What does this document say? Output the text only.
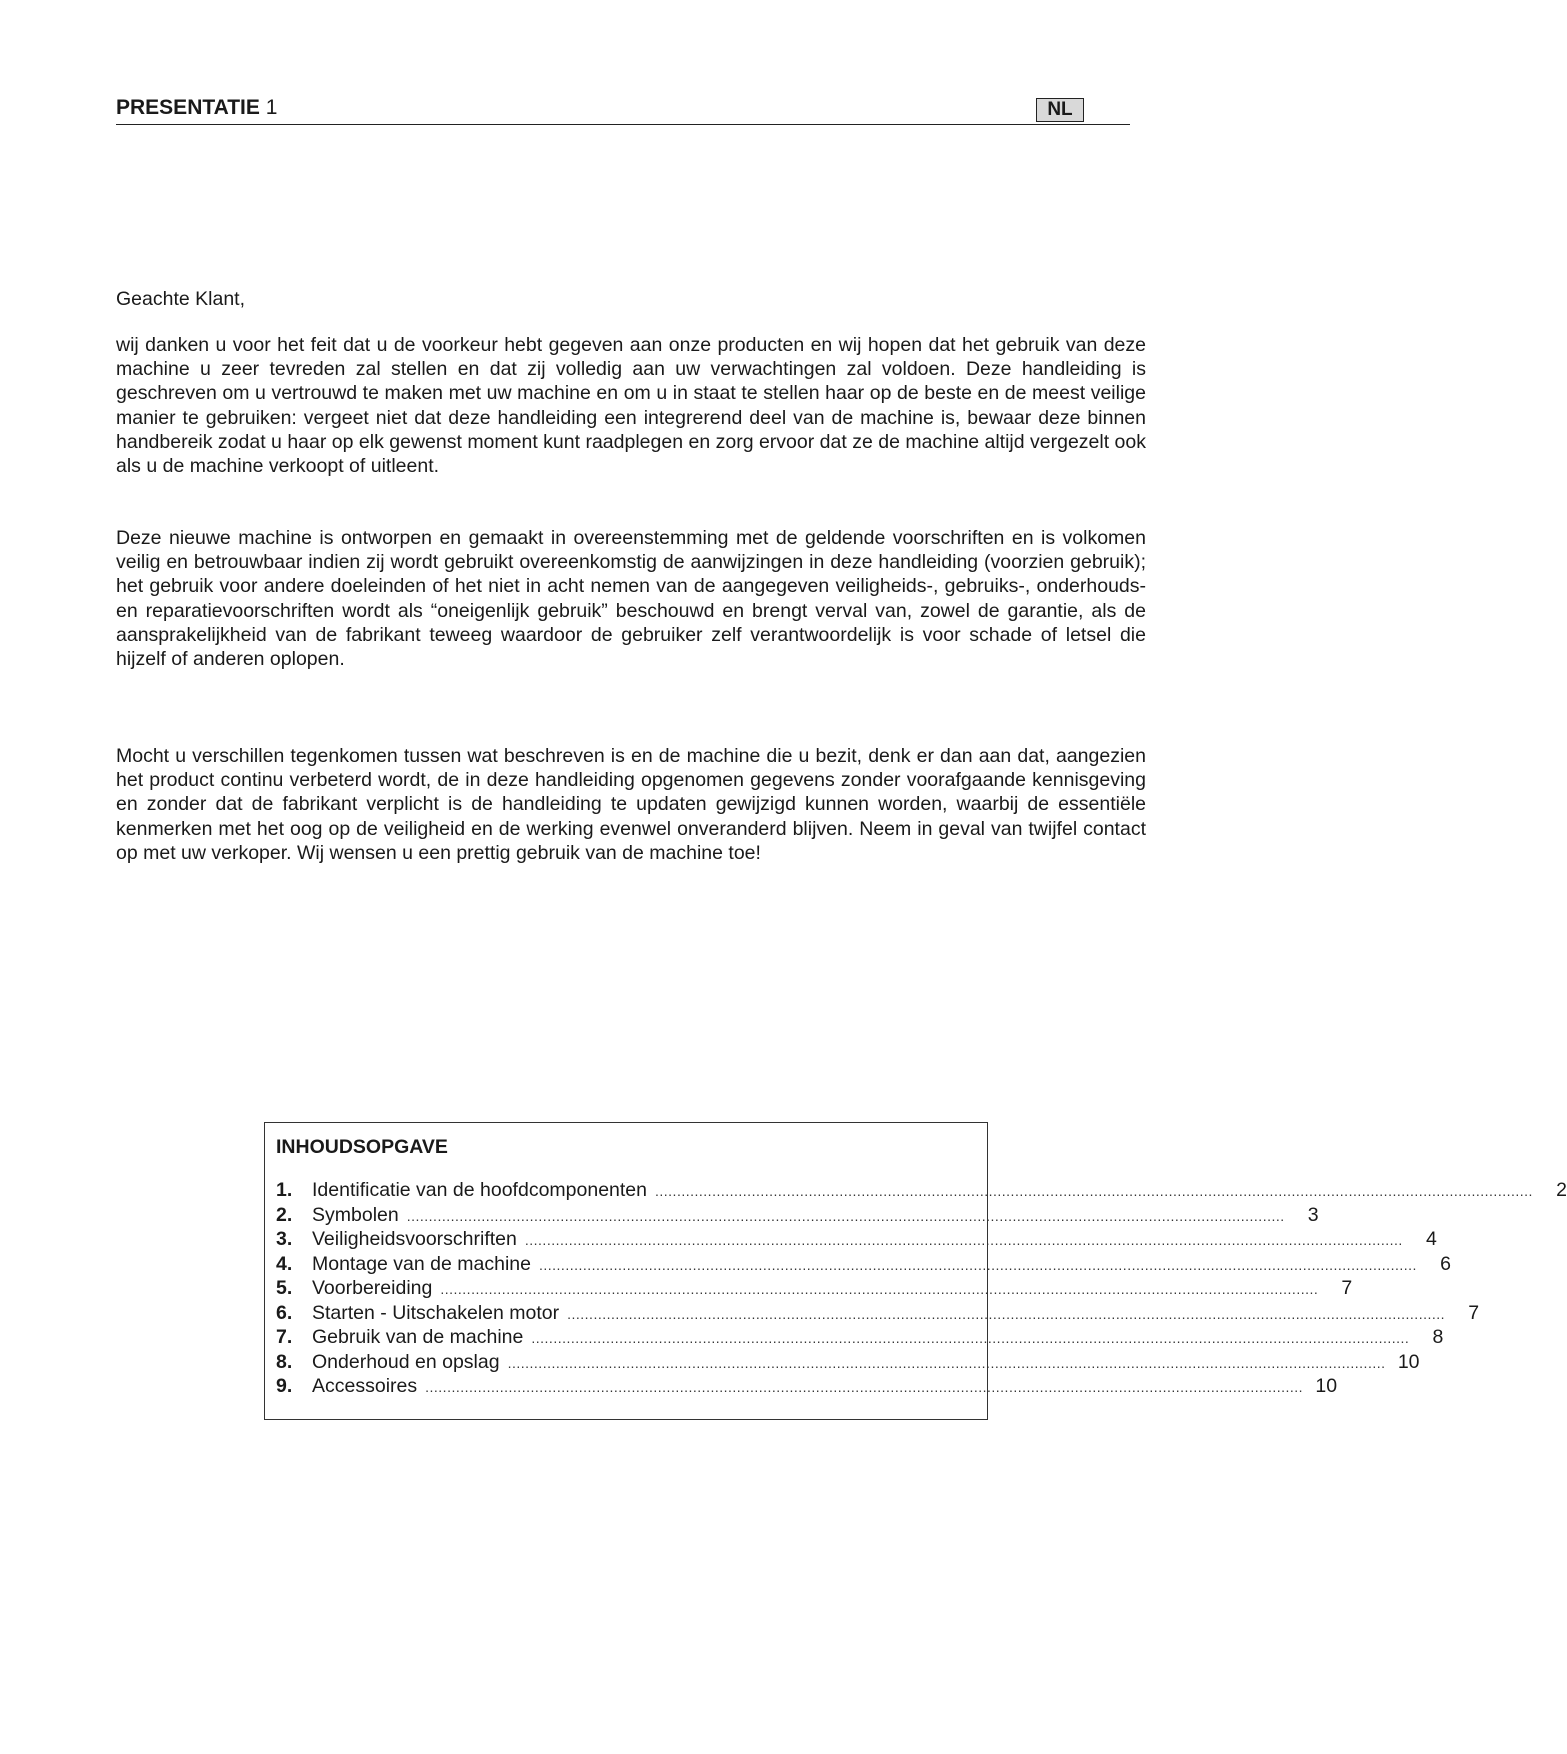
PRESENTATIE 1	NL
Geachte Klant,
wij danken u voor het feit dat u de voorkeur hebt gegeven aan onze producten en wij hopen dat het gebruik van deze machine u zeer tevreden zal stellen en dat zij volledig aan uw verwachtingen zal voldoen. Deze handleiding is geschreven om u vertrouwd te maken met uw machine en om u in staat te stellen haar op de beste en de meest veilige manier te gebruiken: vergeet niet dat deze handleiding een integrerend deel van de machine is, bewaar deze binnen handbereik zodat u haar op elk gewenst moment kunt raadplegen en zorg ervoor dat ze de machine altijd vergezelt ook als u de machine verkoopt of uitleent.
Deze nieuwe machine is ontworpen en gemaakt in overeenstemming met de geldende voorschriften en is volkomen veilig en betrouwbaar indien zij wordt gebruikt overeenkomstig de aanwijzingen in deze handleiding (voorzien gebruik); het gebruik voor andere doeleinden of het niet in acht nemen van de aangegeven veiligheids-, gebruiks-, onderhouds- en reparatievoorschriften wordt als “oneigenlijk gebruik” beschouwd en brengt verval van, zowel de garantie, als de aansprakelijkheid van de fabrikant teweeg waardoor de gebruiker zelf verantwoordelijk is voor schade of letsel die hijzelf of anderen oplopen.
Mocht u verschillen tegenkomen tussen wat beschreven is en de machine die u bezit, denk er dan aan dat, aangezien het product continu verbeterd wordt, de in deze handleiding opgenomen gegevens zonder voorafgaande kennisgeving en zonder dat de fabrikant verplicht is de handleiding te updaten gewijzigd kunnen worden, waarbij de essentiële kenmerken met het oog op de veiligheid en de werking evenwel onveranderd blijven. Neem in geval van twijfel contact op met uw verkoper. Wij wensen u een prettig gebruik van de machine toe!
INHOUDSOPGAVE
1.	Identificatie van de hoofdcomponenten ........................................................................................................................................................................................................	2
2.	Symbolen ........................................................................................................................................................................................................	3
3.	Veiligheidsvoorschriften ........................................................................................................................................................................................................	4
4.	Montage van de machine ........................................................................................................................................................................................................	6
5.	Voorbereiding ........................................................................................................................................................................................................	7
6.	Starten - Uitschakelen motor ........................................................................................................................................................................................................	7
7.	Gebruik van de machine ........................................................................................................................................................................................................	8
8.	Onderhoud en opslag ........................................................................................................................................................................................................ 10
9.	Accessoires ........................................................................................................................................................................................................ 10
